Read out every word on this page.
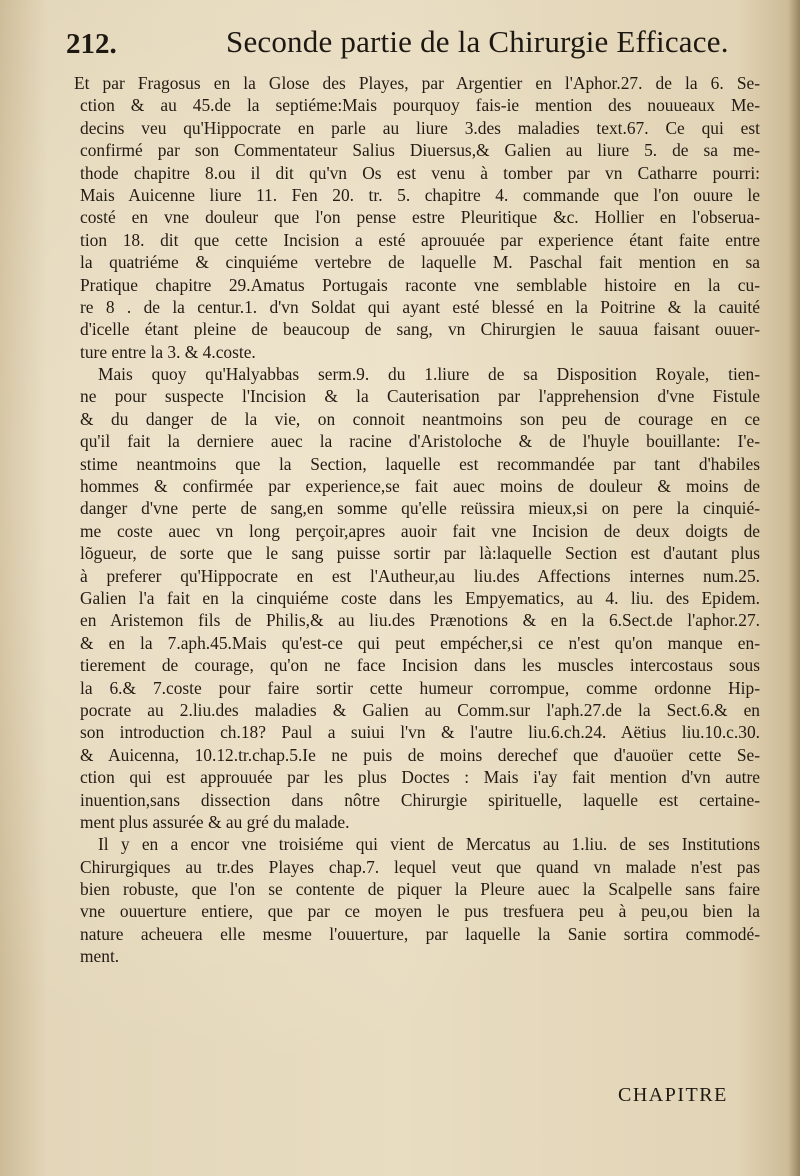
212.	Seconde partie de la Chirurgie Efficace.
Et par Fragosus en la Glose des Playes, par Argentier en l'Aphor.27. de la 6. Se-
ction & au 45.de la septiéme:Mais pourquoy fais-ie mention des nouueaux Me-
decins veu qu'Hippocrate en parle au liure 3.des maladies text.67. Ce qui est
confirmé par son Commentateur Salius Diuersus,& Galien au liure 5. de sa me-
thode chapitre 8.ou il dit qu'vn Os est venu à tomber par vn Catharre pourri:
Mais Auicenne liure 11. Fen 20. tr. 5. chapitre 4. commande que l'on ouure le
costé en vne douleur que l'on pense estre Pleuritique &c. Hollier en l'obserua-
tion 18. dit que cette Incision a esté aprouuée par experience étant faite entre
la quatriéme & cinquiéme vertebre de laquelle M. Paschal fait mention en sa
Pratique chapitre 29.Amatus Portugais raconte vne semblable histoire en la cu-
re 8 . de la centur.1. d'vn Soldat qui ayant esté blessé en la Poitrine & la cauité
d'icelle étant pleine de beaucoup de sang, vn Chirurgien le sauua faisant ouuer-
ture entre la 3. & 4.coste.
Mais quoy qu'Halyabbas serm.9. du 1.liure de sa Disposition Royale, tien-
ne pour suspecte l'Incision & la Cauterisation par l'apprehension d'vne Fistule
& du danger de la vie, on connoit neantmoins son peu de courage en ce
qu'il fait la derniere auec la racine d'Aristoloche & de l'huyle bouillante: I'e-
stime neantmoins que la Section, laquelle est recommandée par tant d'habiles
hommes & confirmée par experience,se fait auec moins de douleur & moins de
danger d'vne perte de sang,en somme qu'elle reüssira mieux,si on pere la cinquié-
me coste auec vn long perçoir,apres auoir fait vne Incision de deux doigts de
lõgueur, de sorte que le sang puisse sortir par là:laquelle Section est d'autant plus
à preferer qu'Hippocrate en est l'Autheur,au liu.des Affections internes num.25.
Galien l'a fait en la cinquiéme coste dans les Empyematics, au 4. liu. des Epidem.
en Aristemon fils de Philis,& au liu.des Prænotions & en la 6.Sect.de l'aphor.27.
& en la 7.aph.45.Mais qu'est-ce qui peut empécher,si ce n'est qu'on manque en-
tierement de courage, qu'on ne face Incision dans les muscles intercostaus sous
la 6.& 7.coste pour faire sortir cette humeur corrompue, comme ordonne Hip-
pocrate au 2.liu.des maladies & Galien au Comm.sur l'aph.27.de la Sect.6.& en
son introduction ch.18? Paul a suiui l'vn & l'autre liu.6.ch.24. Aëtius liu.10.c.30.
& Auicenna, 10.12.tr.chap.5.Ie ne puis de moins derechef que d'auoüer cette Se-
ction qui est approuuée par les plus Doctes : Mais i'ay fait mention d'vn autre
inuention,sans dissection dans nôtre Chirurgie spirituelle, laquelle est certaine-
ment plus assurée & au gré du malade.
Il y en a encor vne troisiéme qui vient de Mercatus au 1.liu. de ses Institutions
Chirurgiques au tr.des Playes chap.7. lequel veut que quand vn malade n'est pas
bien robuste, que l'on se contente de piquer la Pleure auec la Scalpelle sans faire
vne ouuerture entiere, que par ce moyen le pus tresfuera peu à peu,ou bien la
nature acheuera elle mesme l'ouuerture, par laquelle la Sanie sortira commodé-
ment.
CHAPITRE
